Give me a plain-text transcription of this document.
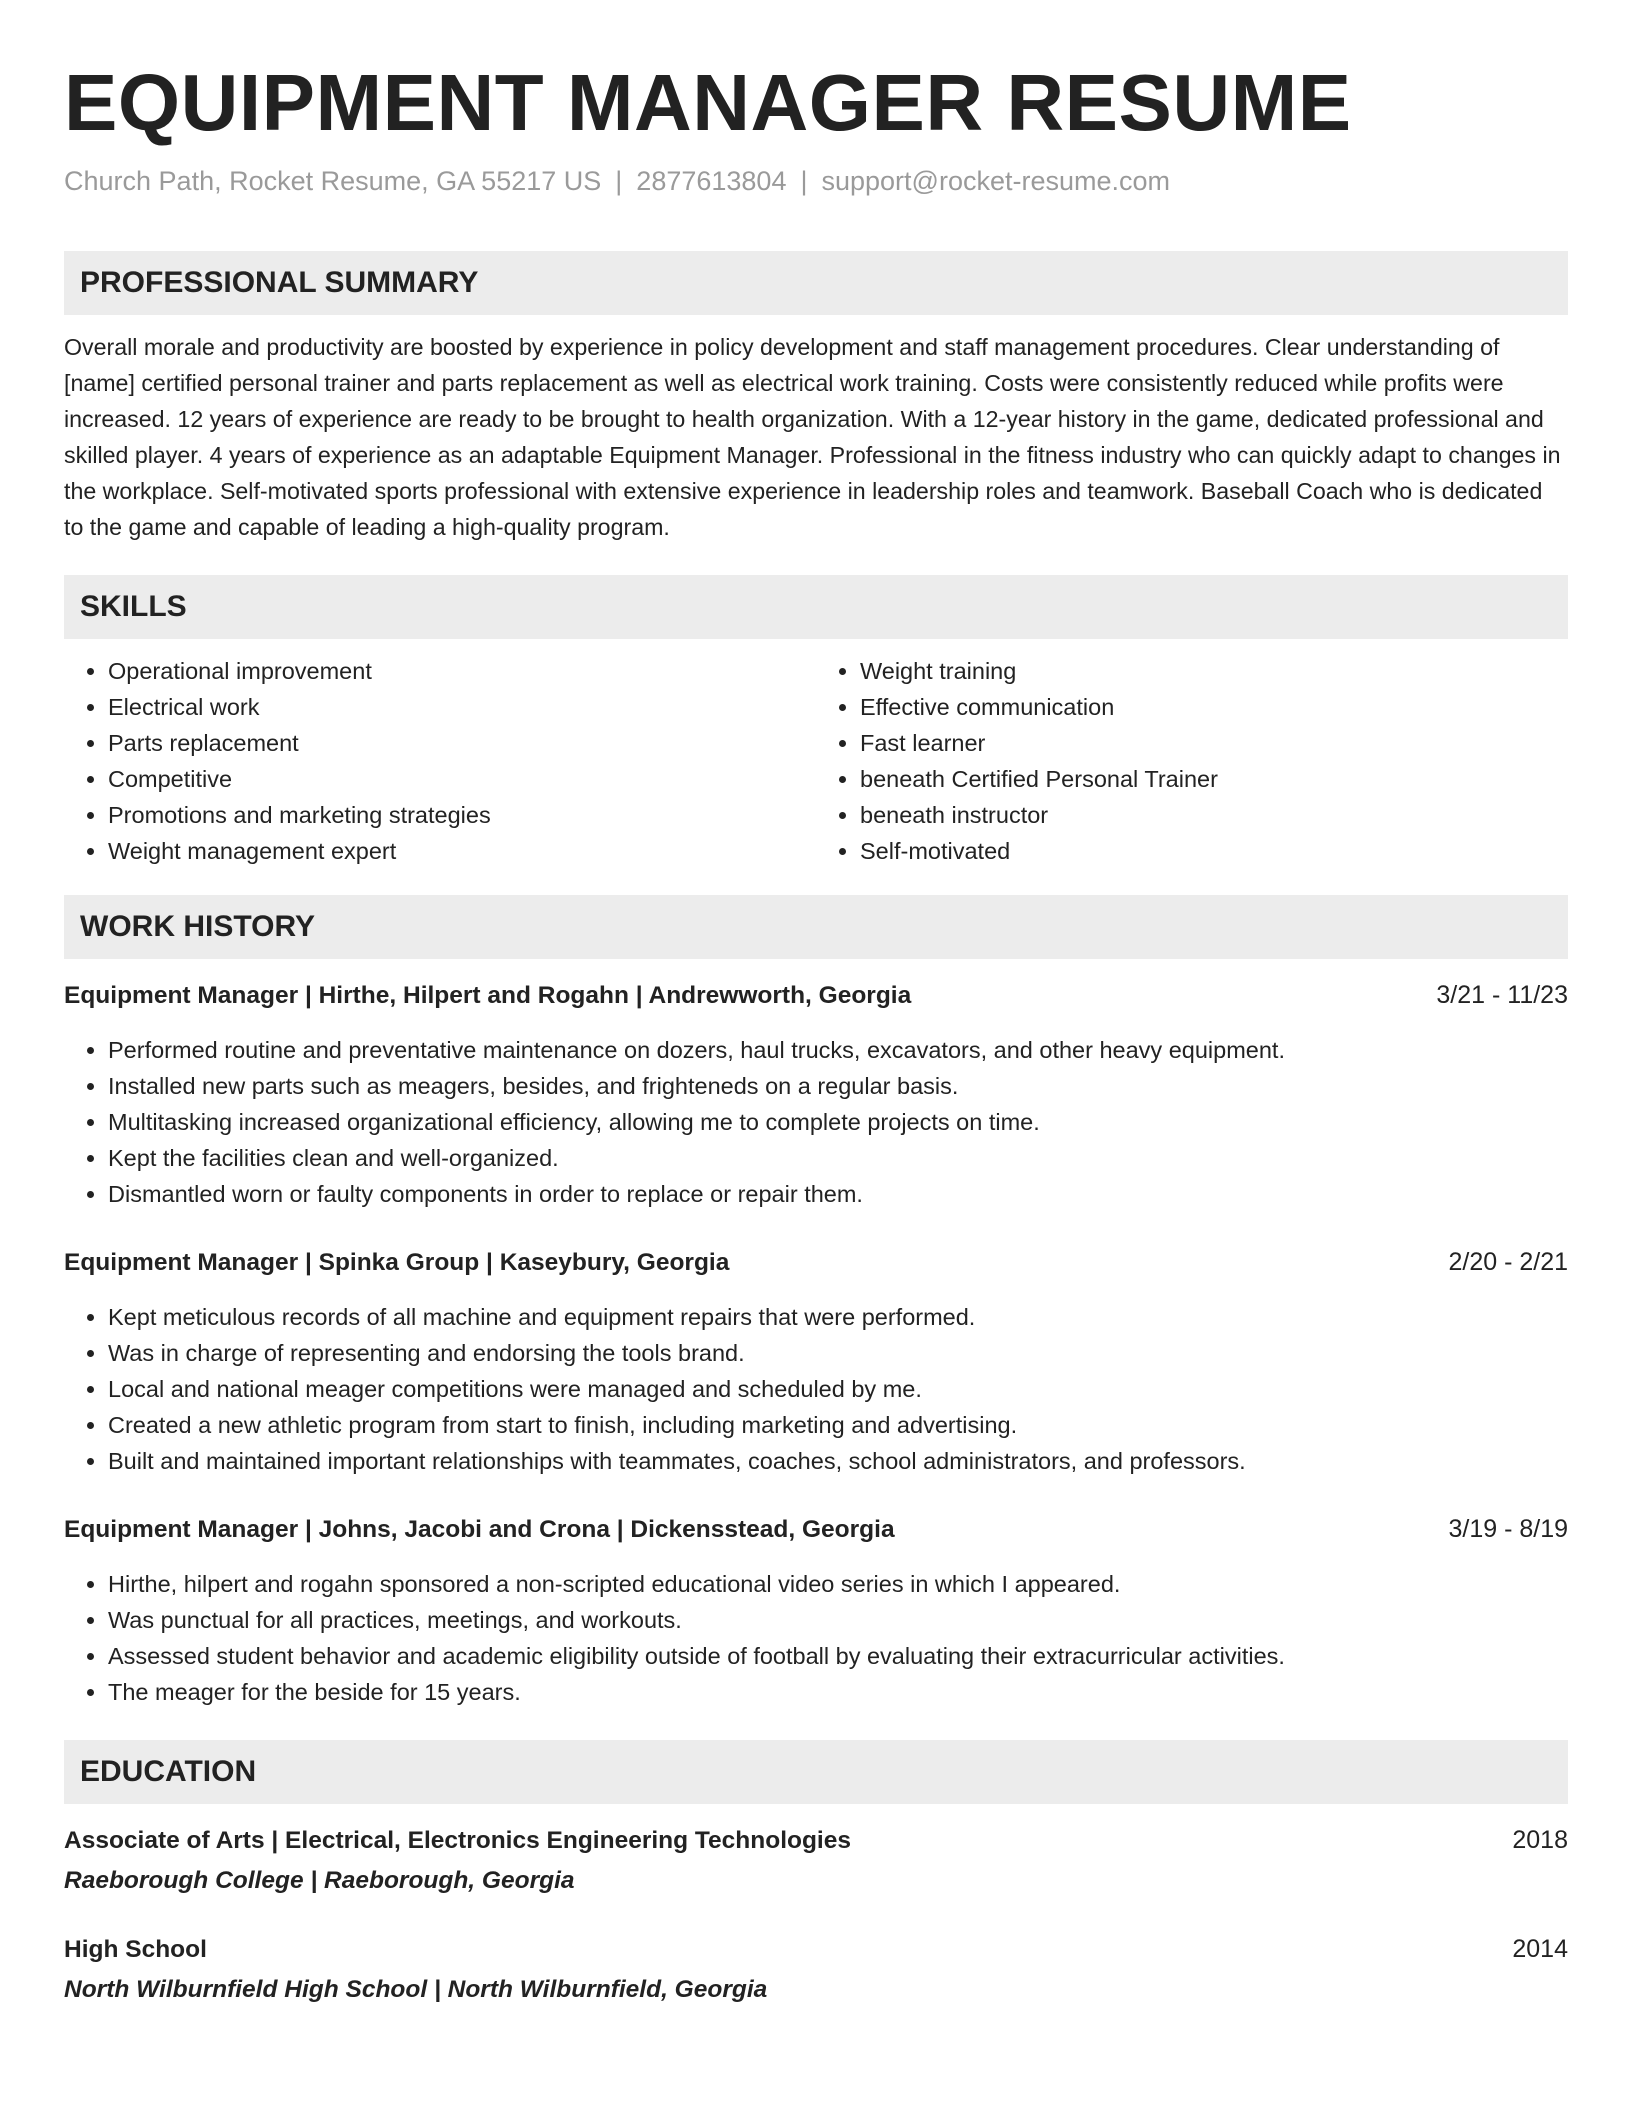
EQUIPMENT MANAGER RESUME
Church Path, Rocket Resume, GA 55217 US | 2877613804 | support@rocket-resume.com
PROFESSIONAL SUMMARY
Overall morale and productivity are boosted by experience in policy development and staff management procedures. Clear understanding of [name] certified personal trainer and parts replacement as well as electrical work training. Costs were consistently reduced while profits were increased. 12 years of experience are ready to be brought to health organization. With a 12-year history in the game, dedicated professional and skilled player. 4 years of experience as an adaptable Equipment Manager. Professional in the fitness industry who can quickly adapt to changes in the workplace. Self-motivated sports professional with extensive experience in leadership roles and teamwork. Baseball Coach who is dedicated to the game and capable of leading a high-quality program.
SKILLS
• Operational improvement
• Electrical work
• Parts replacement
• Competitive
• Promotions and marketing strategies
• Weight management expert
• Weight training
• Effective communication
• Fast learner
• beneath Certified Personal Trainer
• beneath instructor
• Self-motivated
WORK HISTORY
Equipment Manager | Hirthe, Hilpert and Rogahn | Andrewworth, Georgia	3/21 - 11/23
• Performed routine and preventative maintenance on dozers, haul trucks, excavators, and other heavy equipment.
• Installed new parts such as meagers, besides, and frighteneds on a regular basis.
• Multitasking increased organizational efficiency, allowing me to complete projects on time.
• Kept the facilities clean and well-organized.
• Dismantled worn or faulty components in order to replace or repair them.
Equipment Manager | Spinka Group | Kaseybury, Georgia	2/20 - 2/21
• Kept meticulous records of all machine and equipment repairs that were performed.
• Was in charge of representing and endorsing the tools brand.
• Local and national meager competitions were managed and scheduled by me.
• Created a new athletic program from start to finish, including marketing and advertising.
• Built and maintained important relationships with teammates, coaches, school administrators, and professors.
Equipment Manager | Johns, Jacobi and Crona | Dickensstead, Georgia	3/19 - 8/19
• Hirthe, hilpert and rogahn sponsored a non-scripted educational video series in which I appeared.
• Was punctual for all practices, meetings, and workouts.
• Assessed student behavior and academic eligibility outside of football by evaluating their extracurricular activities.
• The meager for the beside for 15 years.
EDUCATION
Associate of Arts | Electrical, Electronics Engineering Technologies	2018
Raeborough College | Raeborough, Georgia
High School	2014
North Wilburnfield High School | North Wilburnfield, Georgia
